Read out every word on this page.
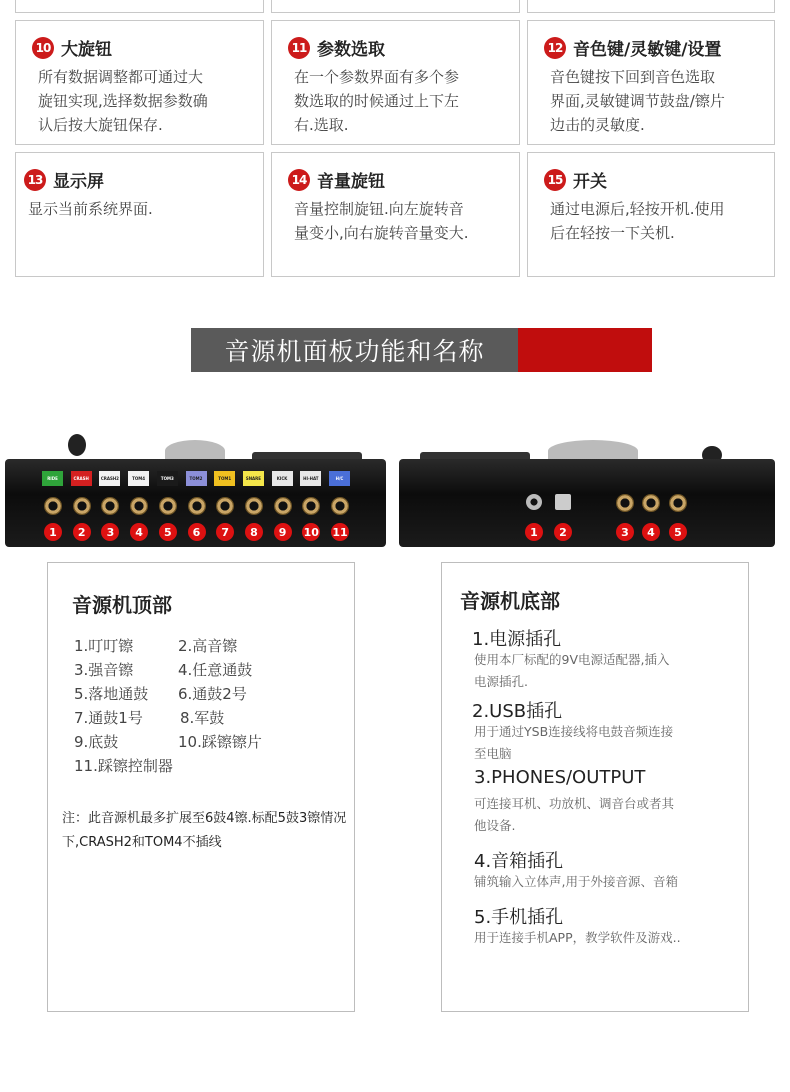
10 大旋钮
所有数据调整都可通过大
旋钮实现,选择数据参数确
认后按大旋钮保存.
11 参数选取
在一个参数界面有多个参
数选取的时候通过上下左
右.选取.
12 音色键/灵敏键/设置
音色键按下回到音色选取
界面,灵敏键调节鼓盘/镲片
边击的灵敏度.
13 显示屏
显示当前系统界面.
14 音量旋钮
音量控制旋钮.向左旋转音
量变小,向右旋转音量变大.
15 开关
通过电源后,轻按开机.使用
后在轻按一下关机.
音源机面板功能和名称
RIDE	CRASH	CRASH2	TOM4	TOM3	TOM2	TOM1	SNARE	KICK	HI-HAT	H/C
1	2	3	4	5	6	7	8	9	10 11	1	2	3	4	5
音源机顶部
1.叮叮镲	2.高音镲
3.强音镲	4.任意通鼓
5.落地通鼓 6.通鼓2号
7.通鼓1号 8.军鼓
9.底鼓	10.踩镲镲片
11.踩镲控制器
注：此音源机最多扩展至6鼓4镲.标配5鼓3镲情况下,CRASH2和TOM4不插线
音源机底部
1.电源插孔
使用本厂标配的9V电源适配器,插入
电源插孔.
2.USB插孔
用于通过YSB连接线将电鼓音频连接
至电脑
3.PHONES/OUTPUT
可连接耳机、功放机、调音台或者其
他设备.
4.音箱插孔
铺筑输入立体声,用于外接音源、音箱
5.手机插孔
用于连接手机APP，教学软件及游戏..
